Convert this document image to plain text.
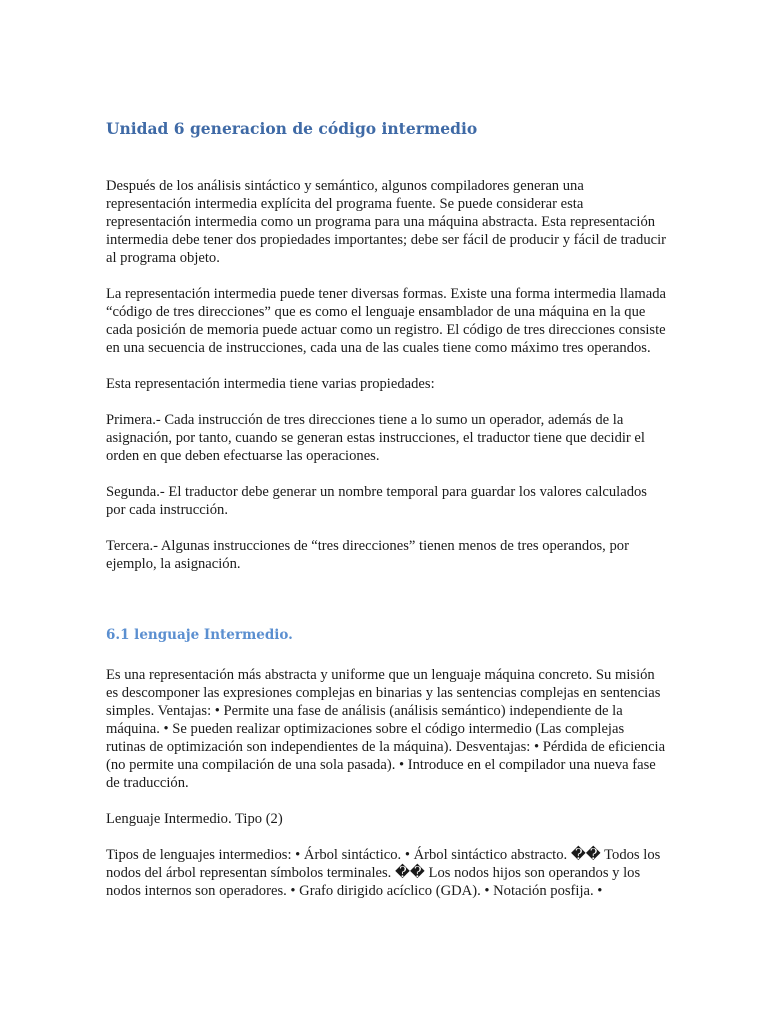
Unidad 6 generacion de código intermedio

Después de los análisis sintáctico y semántico, algunos compiladores generan una representación intermedia explícita del programa fuente. Se puede considerar esta representación intermedia como un programa para una máquina abstracta. Esta representación intermedia debe tener dos propiedades importantes; debe ser fácil de producir y fácil de traducir al programa objeto.

La representación intermedia puede tener diversas formas. Existe una forma intermedia llamada “código de tres direcciones” que es como el lenguaje ensamblador de una máquina en la que cada posición de memoria puede actuar como un registro. El código de tres direcciones consiste en una secuencia de instrucciones, cada una de las cuales tiene como máximo tres operandos.

Esta representación intermedia tiene varias propiedades:

Primera.- Cada instrucción de tres direcciones tiene a lo sumo un operador, además de la asignación, por tanto, cuando se generan estas instrucciones, el traductor tiene que decidir el orden en que deben efectuarse las operaciones.

Segunda.- El traductor debe generar un nombre temporal para guardar los valores calculados por cada instrucción.

Tercera.- Algunas instrucciones de “tres direcciones” tienen menos de tres operandos, por ejemplo, la asignación.

6.1 lenguaje Intermedio.

Es una representación más abstracta y uniforme que un lenguaje máquina concreto. Su misión es descomponer las expresiones complejas en binarias y las sentencias complejas en sentencias simples. Ventajas: • Permite una fase de análisis (análisis semántico) independiente de la máquina. • Se pueden realizar optimizaciones sobre el código intermedio (Las complejas rutinas de optimización son independientes de la máquina). Desventajas: • Pérdida de eficiencia (no permite una compilación de una sola pasada). • Introduce en el compilador una nueva fase de traducción.

Lenguaje Intermedio. Tipo (2)

Tipos de lenguajes intermedios: • Árbol sintáctico. • Árbol sintáctico abstracto. �� Todos los nodos del árbol representan símbolos terminales. �� Los nodos hijos son operandos y los nodos internos son operadores. • Grafo dirigido acíclico (GDA). • Notación posfija. •
